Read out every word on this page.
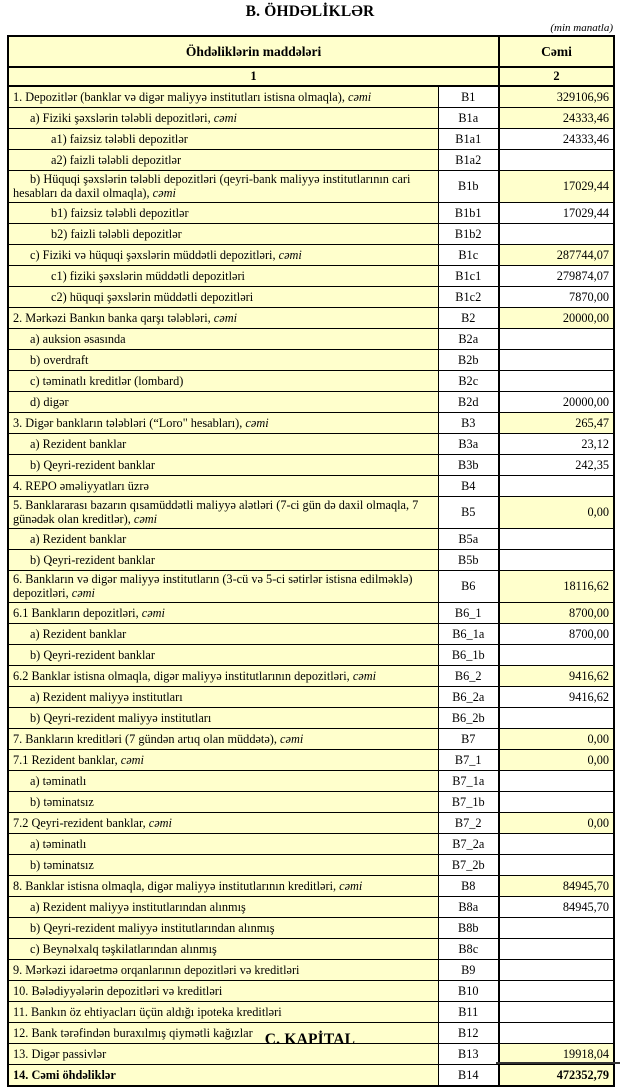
B. ÖHDƏLİKLƏR
(min manatla)
Öhdəliklərin maddələri		Cəmi
1		2
1. Depozitlər (banklar və digər maliyyə institutları istisna olmaqla), cəmi	B1	329106,96
a) Fiziki şəxslərin tələbli depozitləri, cəmi	B1a	24333,46
a1) faizsiz tələbli depozitlər	B1a1	24333,46
a2) faizli tələbli depozitlər	B1a2	
b) Hüquqi şəxslərin tələbli depozitləri (qeyri-bank maliyyə institutlarının cari hesabları da daxil olmaqla), cəmi	B1b	17029,44
b1) faizsiz tələbli depozitlər	B1b1	17029,44
b2) faizli tələbli depozitlər	B1b2	
c) Fiziki və hüquqi şəxslərin müddətli depozitləri, cəmi	B1c	287744,07
c1) fiziki şəxslərin müddətli depozitləri	B1c1	279874,07
c2) hüquqi şəxslərin müddətli depozitləri	B1c2	7870,00
2. Mərkəzi Bankın banka qarşı tələbləri, cəmi	B2	20000,00
a) auksion əsasında	B2a	
b) overdraft	B2b	
c) təminatlı kreditlər (lombard)	B2c	
d) digər	B2d	20000,00
3. Digər bankların tələbləri (“Loro" hesabları), cəmi	B3	265,47
a) Rezident banklar	B3a	23,12
b) Qeyri-rezident banklar	B3b	242,35
4. REPO əməliyyatları üzrə	B4	
5. Banklararası bazarın qısamüddətli maliyyə alətləri (7-ci gün də daxil olmaqla, 7 günədək olan kreditlər), cəmi	B5	0,00
a) Rezident banklar	B5a	
b) Qeyri-rezident banklar	B5b	
6. Bankların və digər maliyyə institutların (3-cü və 5-ci sətirlər istisna edilməklə) depozitləri, cəmi	B6	18116,62
6.1 Bankların depozitləri, cəmi	B6_1	8700,00
a) Rezident banklar	B6_1a	8700,00
b) Qeyri-rezident banklar	B6_1b	
6.2 Banklar istisna olmaqla, digər maliyyə institutlarının depozitləri, cəmi	B6_2	9416,62
a) Rezident maliyyə institutları	B6_2a	9416,62
b) Qeyri-rezident maliyyə institutları	B6_2b	
7. Bankların kreditləri (7 gündən artıq olan müddətə), cəmi	B7	0,00
7.1 Rezident banklar, cəmi	B7_1	0,00
a) təminatlı	B7_1a	
b) təminatsız	B7_1b	
7.2 Qeyri-rezident banklar, cəmi	B7_2	0,00
a) təminatlı	B7_2a	
b) təminatsız	B7_2b	
8. Banklar istisna olmaqla, digər maliyyə institutlarının kreditləri, cəmi	B8	84945,70
a) Rezident maliyyə institutlarından alınmış	B8a	84945,70
b) Qeyri-rezident maliyyə institutlarından alınmış	B8b	
c) Beynəlxalq təşkilatlarından alınmış	B8c	
9. Mərkəzi idarəetmə orqanlarının depozitləri və kreditləri	B9	
10. Bələdiyyələrin depozitləri və kreditləri	B10	
11. Bankın öz ehtiyacları üçün aldığı ipoteka kreditləri	B11	
12. Bank tərəfindən buraxılmış qiymətli kağızlar	B12	
13. Digər passivlər	B13	19918,04
14. Cəmi öhdəliklər	B14	472352,79
C. KAPİTAL
